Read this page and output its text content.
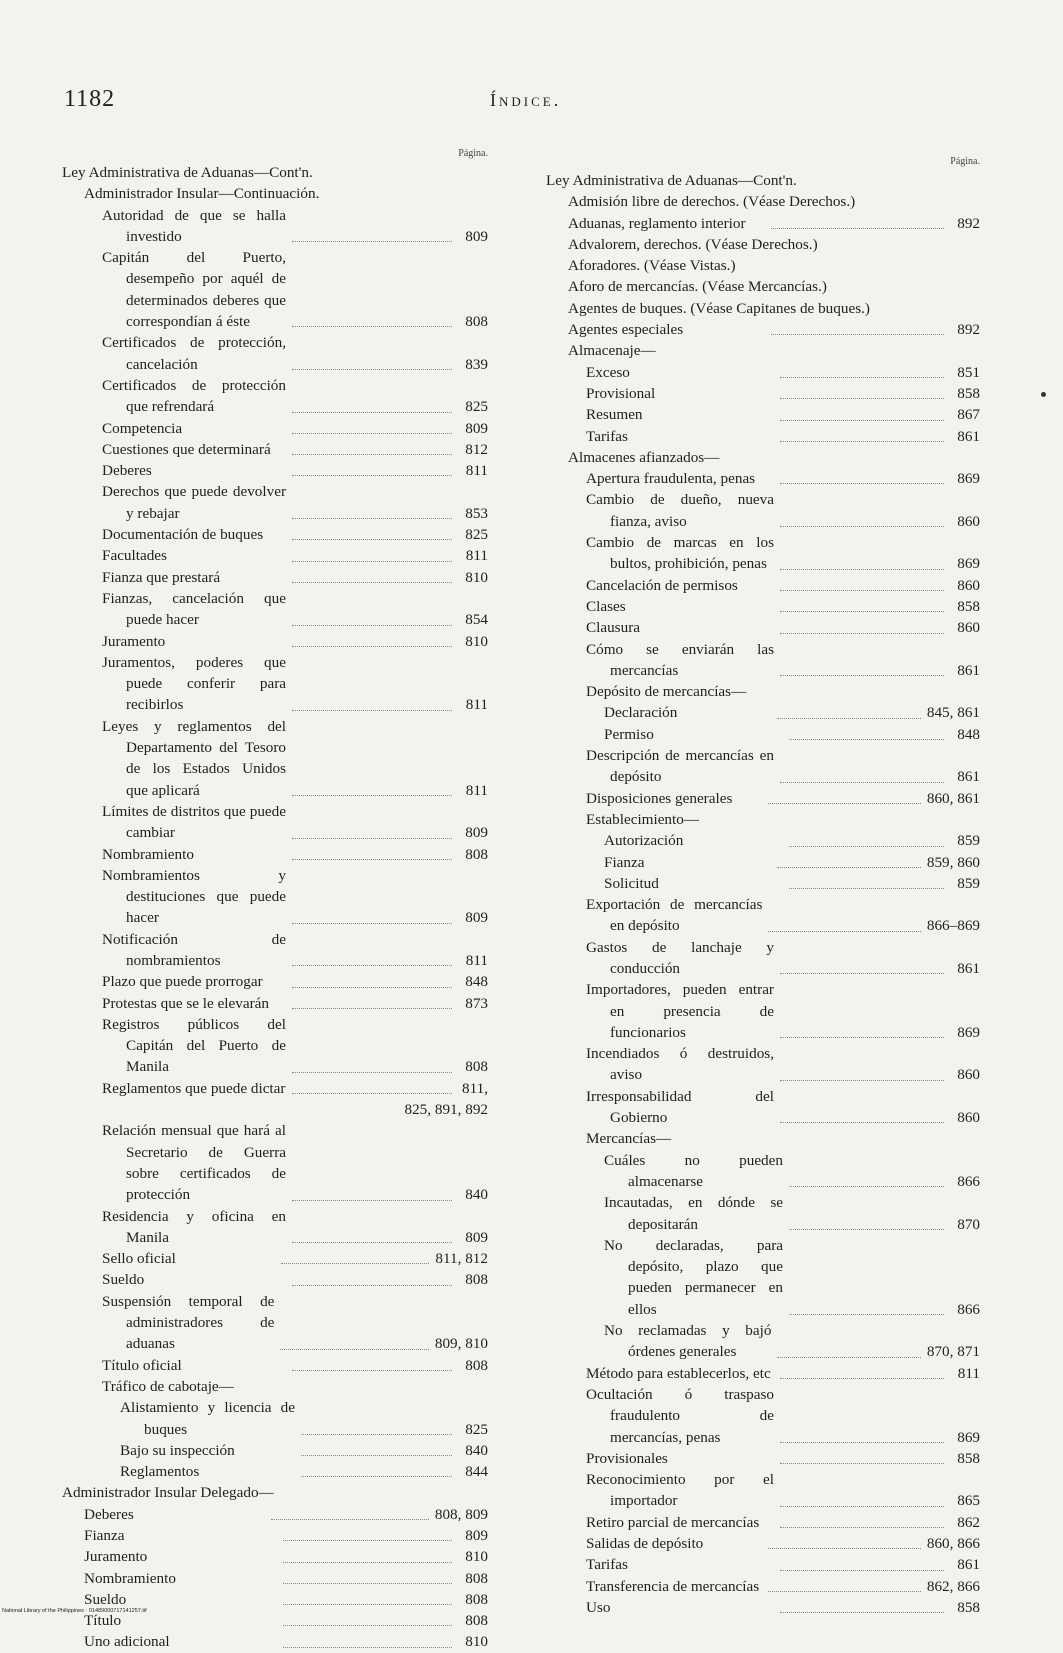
1182	Índice.
Página.
Ley Administrativa de Aduanas—Cont'n.
Administrador Insular—Continuación.
Autoridad de que se halla investido	809
Capitán del Puerto, desempeño por aquél de determinados deberes que correspondían á éste	808
Certificados de protección, cancelación	839
Certificados de protección que refrendará	825
Competencia	809
Cuestiones que determinará	812
Deberes	811
Derechos que puede devolver y rebajar	853
Documentación de buques	825
Facultades	811
Fianza que prestará	810
Fianzas, cancelación que puede hacer	854
Juramento	810
Juramentos, poderes que puede conferir para recibirlos	811
Leyes y reglamentos del Departamento del Tesoro de los Estados Unidos que aplicará	811
Límites de distritos que puede cambiar	809
Nombramiento	808
Nombramientos y destituciones que puede hacer	809
Notificación de nombramientos	811
Plazo que puede prorrogar	848
Protestas que se le elevarán	873
Registros públicos del Capitán del Puerto de Manila	808
Reglamentos que puede dictar	811,
825, 891, 892
Relación mensual que hará al Secretario de Guerra sobre certificados de protección	840
Residencia y oficina en Manila	809
Sello oficial	811, 812
Sueldo	808
Suspensión temporal de administradores de aduanas	809, 810
Título oficial	808
Tráfico de cabotaje—
Alistamiento y licencia de buques	825
Bajo su inspección	840
Reglamentos	844
Administrador Insular Delegado—
Deberes	808, 809
Fianza	809
Juramento	810
Nombramiento	808
Sueldo	808
Título	808
Uno adicional	810
Página.
Ley Administrativa de Aduanas—Cont'n.
Admisión libre de derechos. (Véase Derechos.)
Aduanas, reglamento interior	892
Advalorem, derechos. (Véase Derechos.)
Aforadores. (Véase Vistas.)
Aforo de mercancías. (Véase Mercancías.)
Agentes de buques. (Véase Capitanes de buques.)
Agentes especiales	892
Almacenaje—
Exceso	851
Provisional	858
Resumen	867
Tarifas	861
Almacenes afianzados—
Apertura fraudulenta, penas	869
Cambio de dueño, nueva fianza, aviso	860
Cambio de marcas en los bultos, prohibición, penas	869
Cancelación de permisos	860
Clases	858
Clausura	860
Cómo se enviarán las mercancías	861
Depósito de mercancías—
Declaración	845, 861
Permiso	848
Descripción de mercancías en depósito	861
Disposiciones generales	860, 861
Establecimiento—
Autorización	859
Fianza	859, 860
Solicitud	859
Exportación de mercancías en depósito	866–869
Gastos de lanchaje y conducción	861
Importadores, pueden entrar en presencia de funcionarios	869
Incendiados ó destruidos, aviso	860
Irresponsabilidad del Gobierno	860
Mercancías—
Cuáles no pueden almacenarse	866
Incautadas, en dónde se depositarán	870
No declaradas, para depósito, plazo que pueden permanecer en ellos	866
No reclamadas y bajó órdenes generales	870, 871
Método para establecerlos, etc	811
Ocultación ó traspaso fraudulento de mercancías, penas	869
Provisionales	858
Reconocimiento por el importador	865
Retiro parcial de mercancías	862
Salidas de depósito	860, 866
Tarifas	861
Transferencia de mercancías	862, 866
Uso	858
National Library of the Philippines · 01489000717141257.tif
